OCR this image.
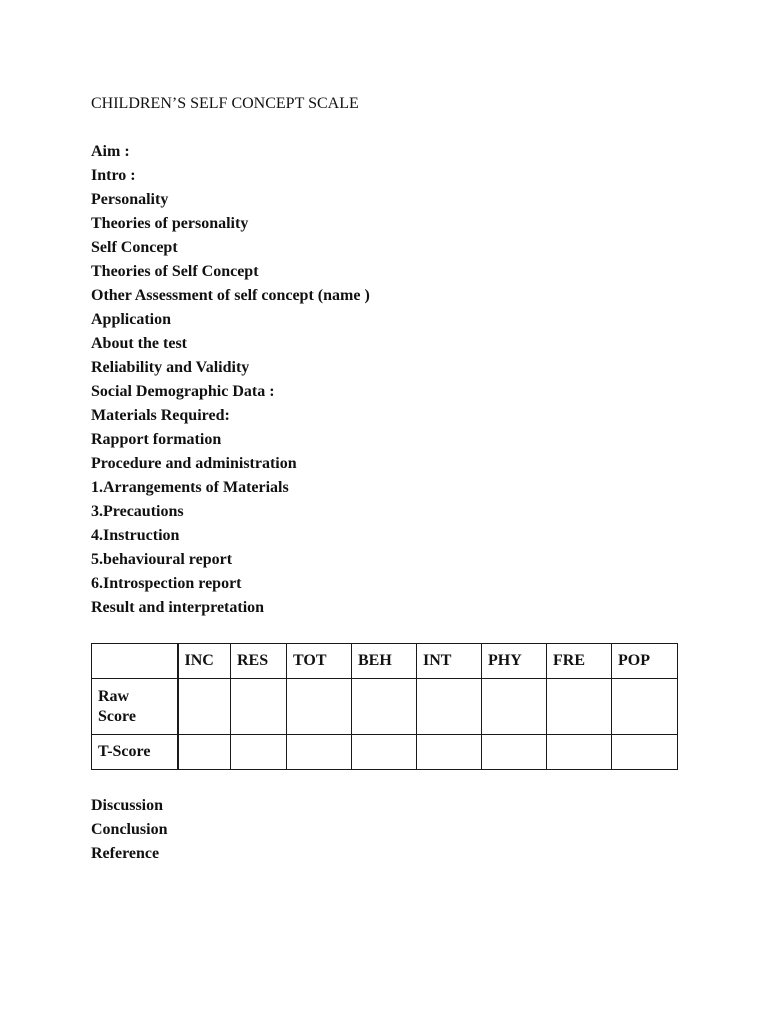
CHILDREN’S SELF CONCEPT SCALE
Aim :
Intro :
Personality
Theories of personality
Self Concept
Theories of Self Concept
Other Assessment of self concept (name )
Application
About the test
Reliability and Validity
Social Demographic Data :
Materials Required:
Rapport formation
Procedure and administration
1.Arrangements of Materials
3.Precautions
4.Instruction
5.behavioural report
6.Introspection report
Result and interpretation
	INC	RES	TOT	BEH	INT	PHY	FRE	POP
Raw Score								
T-Score								
Discussion
Conclusion
Reference
